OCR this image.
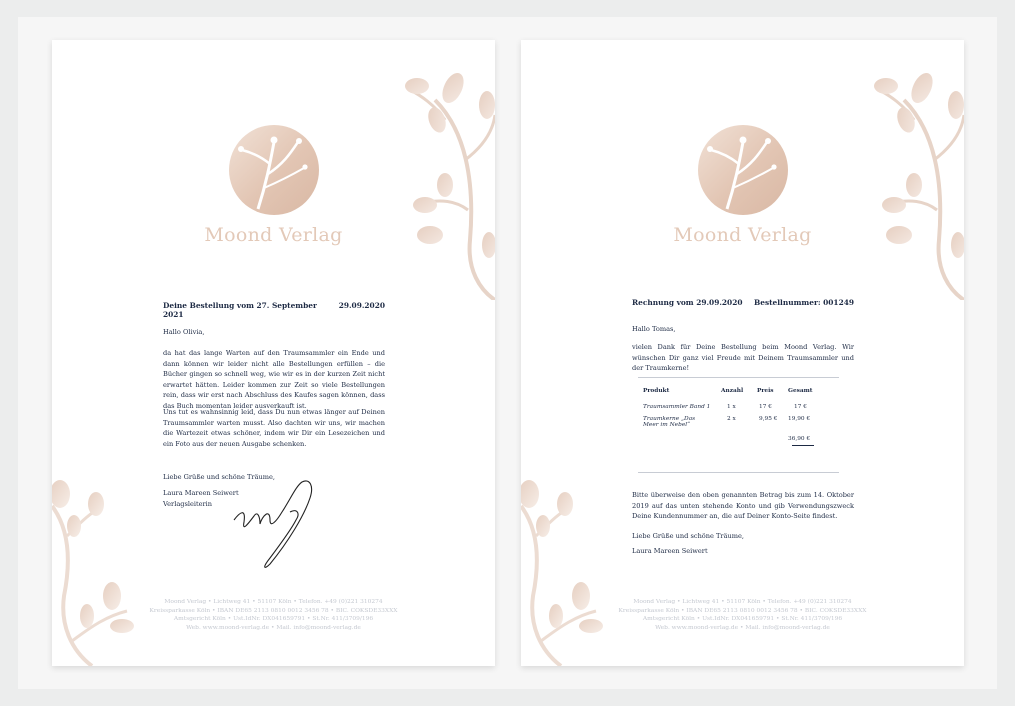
Moond Verlag
Deine Bestellung vom 27. September 2021
29.09.2020

Hallo Olivia,

da hat das lange Warten auf den Traumsammler ein Ende und dann können wir leider nicht alle Bestellungen erfüllen – die Bücher gingen so schnell weg, wie wir es in der kurzen Zeit nicht erwartet hätten. Leider kommen zur Zeit so viele Bestellungen rein, dass wir erst nach Abschluss des Kaufes sagen können, dass das Buch momentan leider ausverkauft ist.

Uns tut es wahnsinnig leid, dass Du nun etwas länger auf Deinen Traumsammler warten musst. Also dachten wir uns, wir machen die Wartezeit etwas schöner, indem wir Dir ein Lesezeichen und ein Foto aus der neuen Ausgabe schenken.

Liebe Grüße und schöne Träume,

Laura Mareen Seiwert

Verlagsleiterin

Moond Verlag • Lichtweg 41 • 51107 Köln • Telefon. +49 (0)221 310274
Kreissparkasse Köln • IBAN DE65 2113 0810 0012 3456 78 • BIC. COKSDE33XXX
Amtsgericht Köln • Ust.IdNr. DX041659791 • St.Nr. 411/3709/196
Web. www.moond-verlag.de • Mail. info@moond-verlag.de
Moond Verlag
Rechnung vom 29.09.2020 Bestellnummer: 001249

Hallo Tomas,

vielen Dank für Deine Bestellung beim Moond Verlag. Wir wünschen Dir ganz viel Freude mit Deinem Traumsammler und der Traumkerne!

Produkt	Anzahl	Preis	Gesamt
Traumsammler Band 1	1 x	17 €	17 €
Traumkerne „Das Meer im Nebel“	2 x	9,95 €	19,90 €
			36,90 €

Bitte überweise den oben genannten Betrag bis zum 14. Oktober 2019 auf das unten stehende Konto und gib Verwendungszweck Deine Kundennummer an, die auf Deiner Konto-Seite findest.

Liebe Grüße und schöne Träume,

Laura Mareen Seiwert

Moond Verlag • Lichtweg 41 • 51107 Köln • Telefon. +49 (0)221 310274
Kreissparkasse Köln • IBAN DE65 2113 0810 0012 3456 78 • BIC. COKSDE33XXX
Amtsgericht Köln • Ust.IdNr. DX041659791 • St.Nr. 411/3709/196
Web. www.moond-verlag.de • Mail. info@moond-verlag.de
